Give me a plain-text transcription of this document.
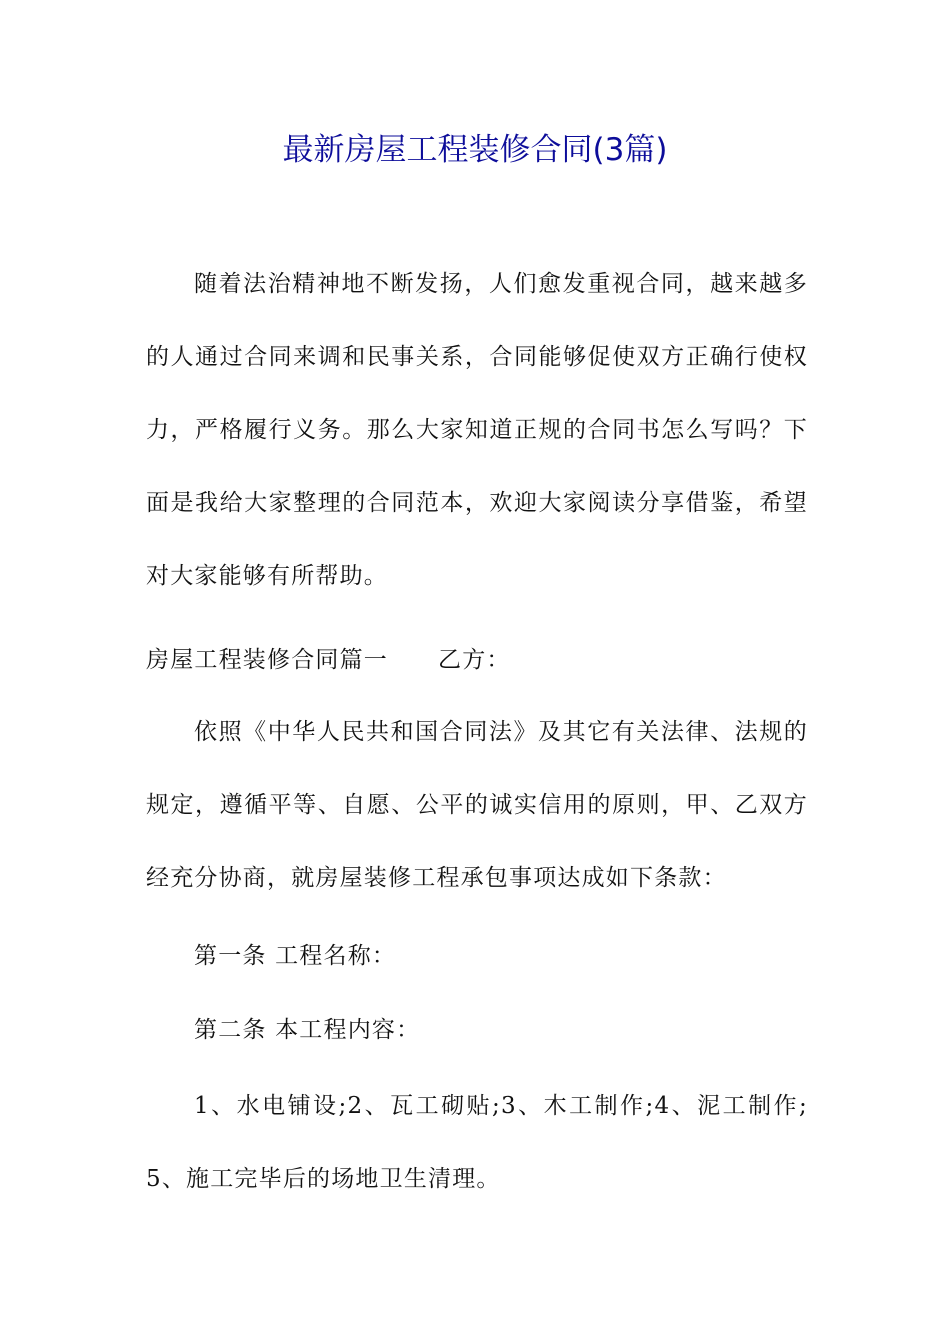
最新房屋工程装修合同(3篇)

随着法治精神地不断发扬，人们愈发重视合同，越来越多的人通过合同来调和民事关系，合同能够促使双方正确行使权力，严格履行义务。那么大家知道正规的合同书怎么写吗？下面是我给大家整理的合同范本，欢迎大家阅读分享借鉴，希望对大家能够有所帮助。

房屋工程装修合同篇一 乙方：

依照《中华人民共和国合同法》及其它有关法律、法规的规定，遵循平等、自愿、公平的诚实信用的原则，甲、乙双方经充分协商，就房屋装修工程承包事项达成如下条款：

第一条 工程名称：

第二条 本工程内容：

1、水电铺设;2、瓦工砌贴;3、木工制作;4、泥工制作;5、施工完毕后的场地卫生清理。
